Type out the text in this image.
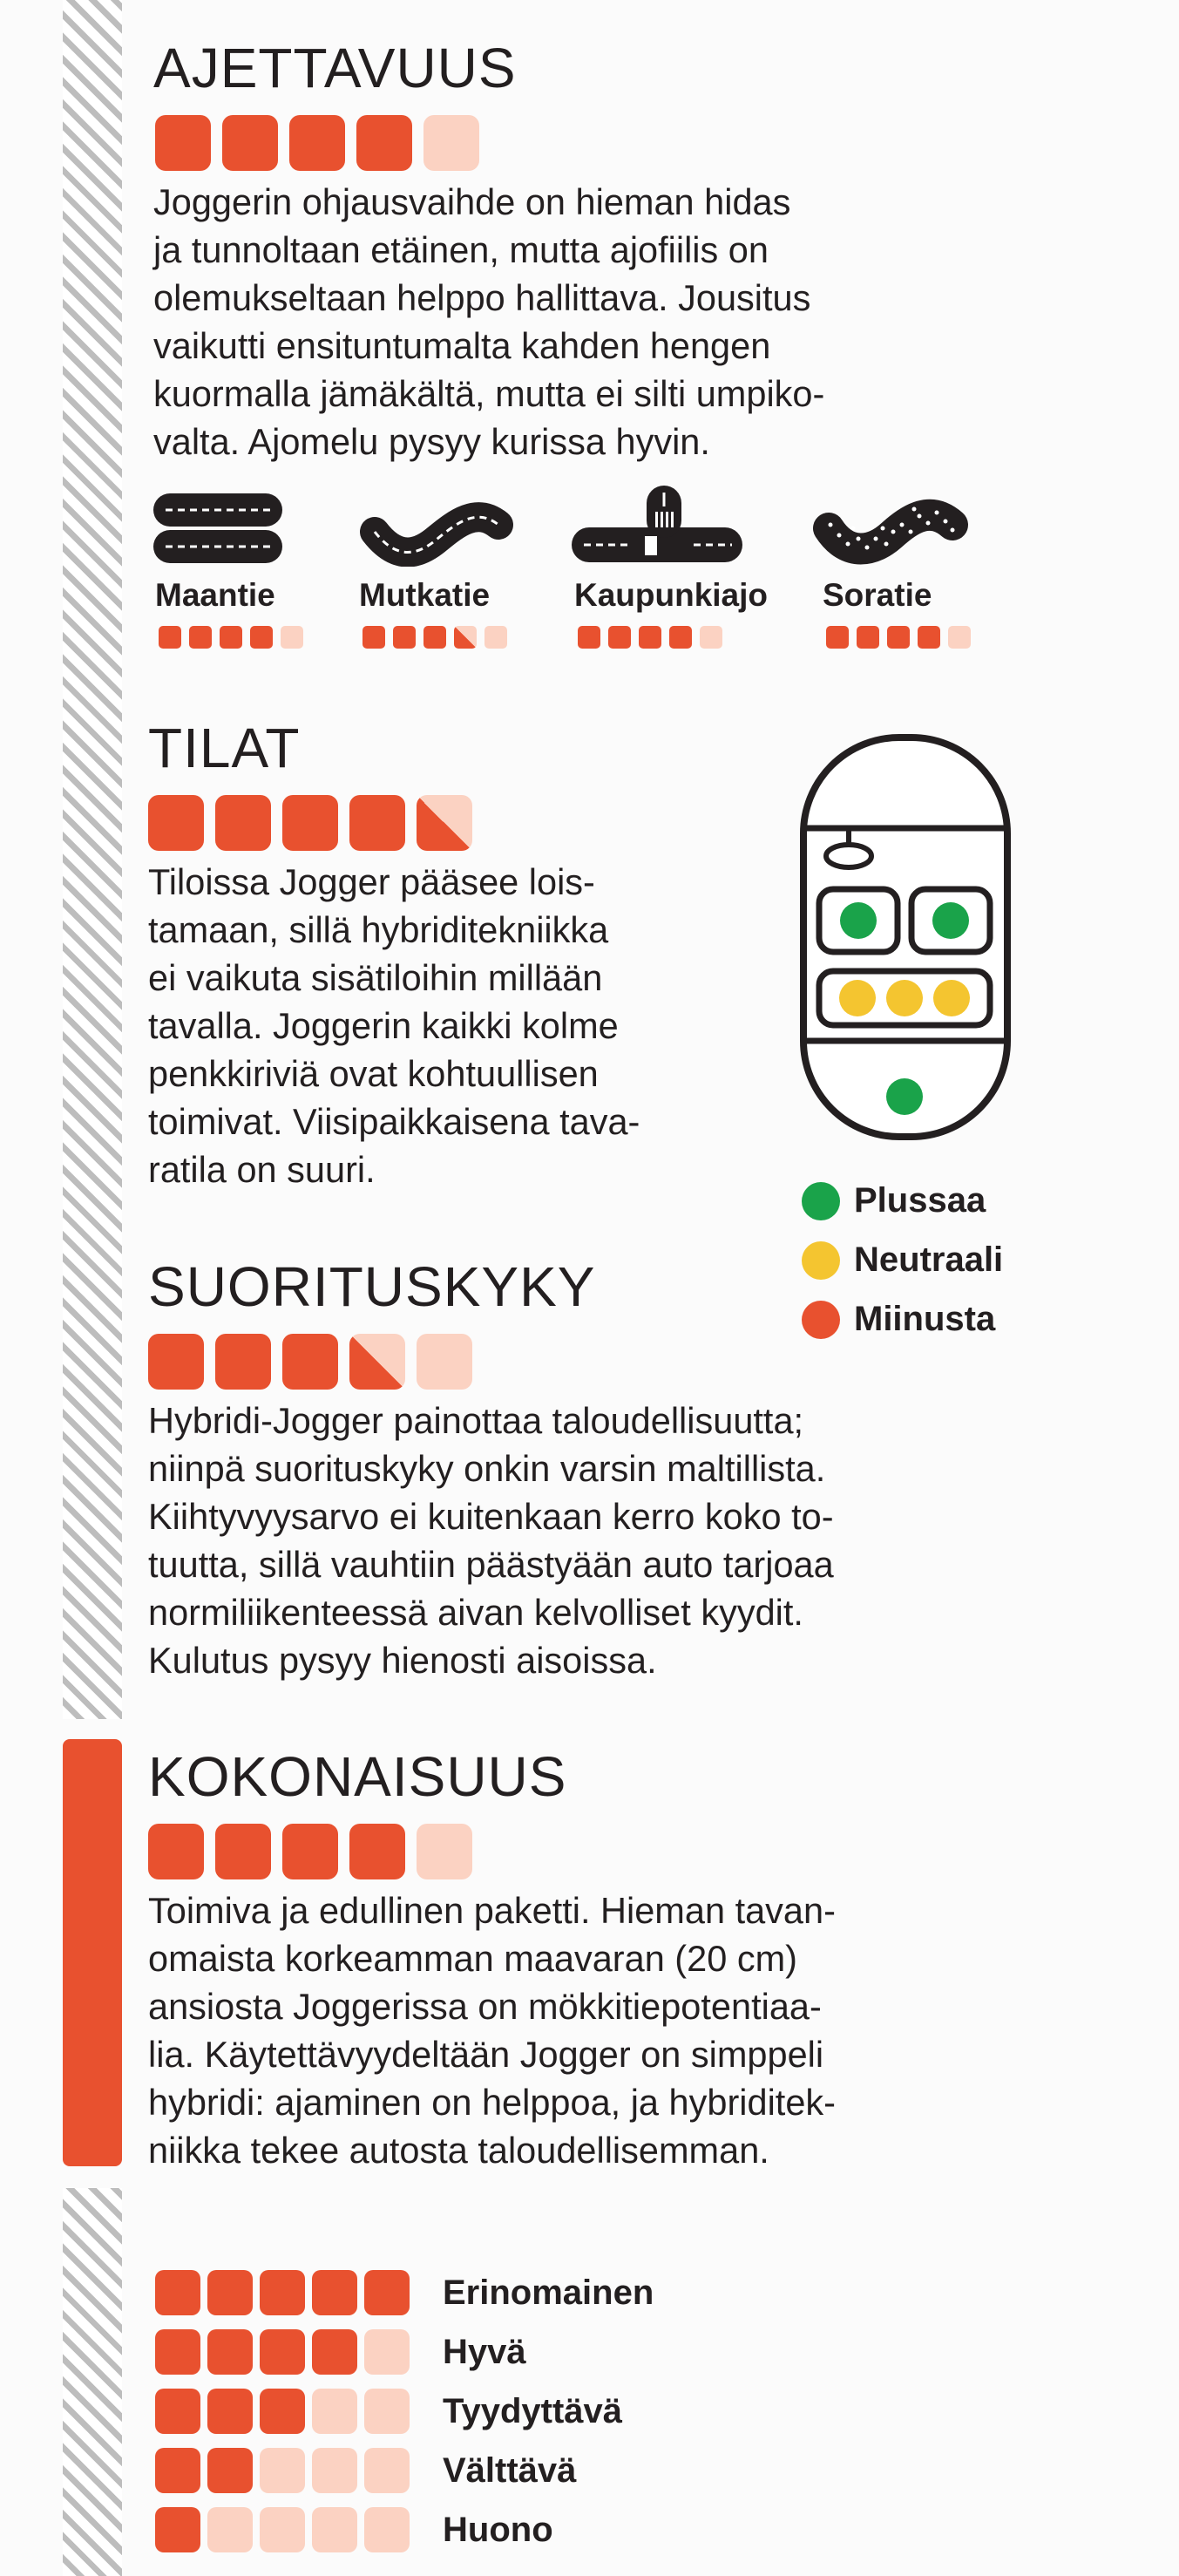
AJETTAVUUS
Joggerin ohjausvaihde on hieman hidas
ja tunnoltaan etäinen, mutta ajofiilis on
olemukseltaan helppo hallittava. Jousitus
vaikutti ensituntumalta kahden hengen
kuormalla jämäkältä, mutta ei silti umpiko-
valta. Ajomelu pysyy kurissa hyvin.

Maantie	Mutkatie	Kaupunkiajo Soratie

TILAT
Tiloissa Jogger pääsee lois-
tamaan, sillä hybriditekniikka
ei vaikuta sisätiloihin millään
tavalla. Joggerin kaikki kolme
penkkiriviä ovat kohtuullisen
toimivat. Viisipaikkaisena tava-
ratila on suuri.
Plussaa
Neutraali
Miinusta
SUORITUSKYKY
Hybridi-Jogger painottaa taloudellisuutta;
niinpä suorituskyky onkin varsin maltillista.
Kiihtyvyysarvo ei kuitenkaan kerro koko to-
tuutta, sillä vauhtiin päästyään auto tarjoaa
normiliikenteessä aivan kelvolliset kyydit.
Kulutus pysyy hienosti aisoissa.
KOKONAISUUS
Toimiva ja edullinen paketti. Hieman tavan-
omaista korkeamman maavaran (20 cm)
ansiosta Joggerissa on mökkitiepotentiaa-
lia. Käytettävyydeltään Jogger on simppeli
hybridi: ajaminen on helppoa, ja hybriditek-
niikka tekee autosta taloudellisemman.
Erinomainen
Hyvä
Tyydyttävä
Välttävä
Huono
